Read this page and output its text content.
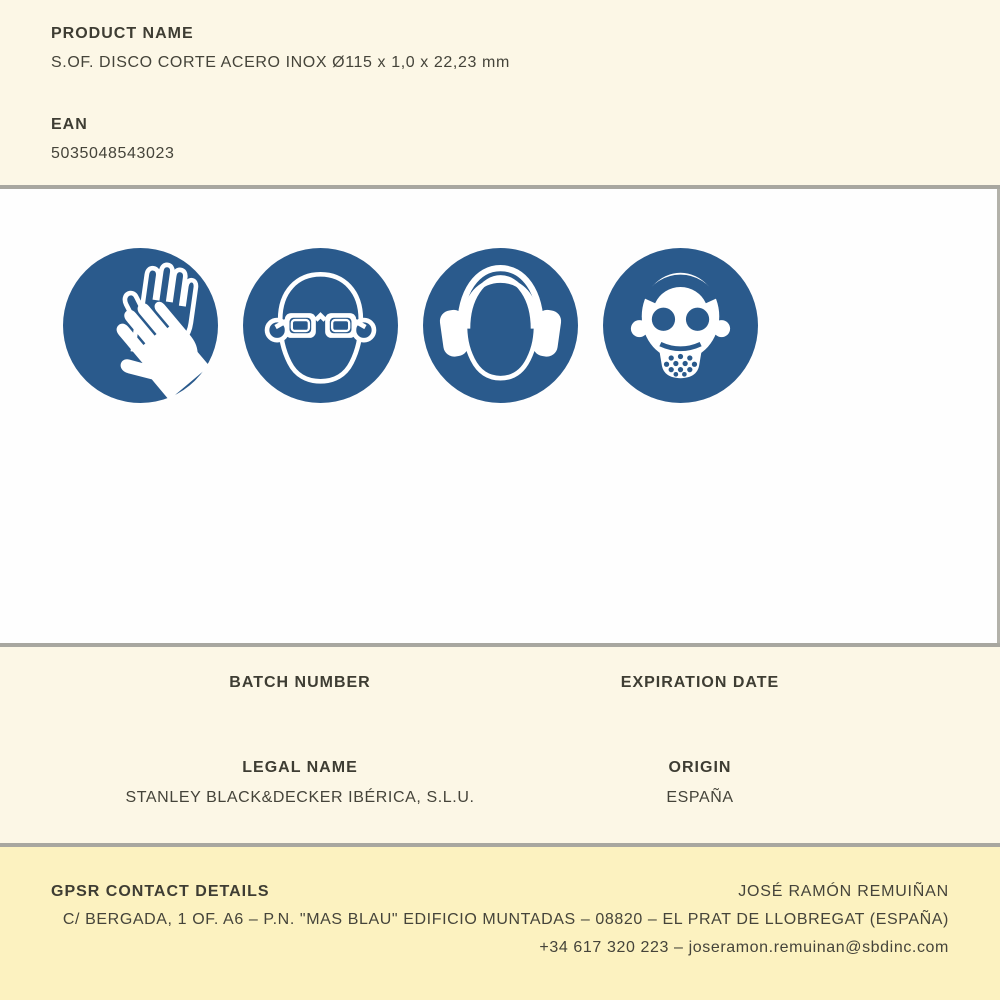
PRODUCT NAME
S.OF. DISCO CORTE ACERO INOX Ø115 x 1,0 x 22,23 mm
EAN
5035048543023
BATCH NUMBER	EXPIRATION DATE
LEGAL NAME
STANLEY BLACK&DECKER IBÉRICA, S.L.U.
ORIGIN
ESPAÑA
GPSR CONTACT DETAILS	JOSÉ RAMÓN REMUIÑAN
C/ BERGADA, 1 OF. A6 – P.N. "MAS BLAU" EDIFICIO MUNTADAS – 08820 – EL PRAT DE LLOBREGAT (ESPAÑA)
+34 617 320 223 – joseramon.remuinan@sbdinc.com
